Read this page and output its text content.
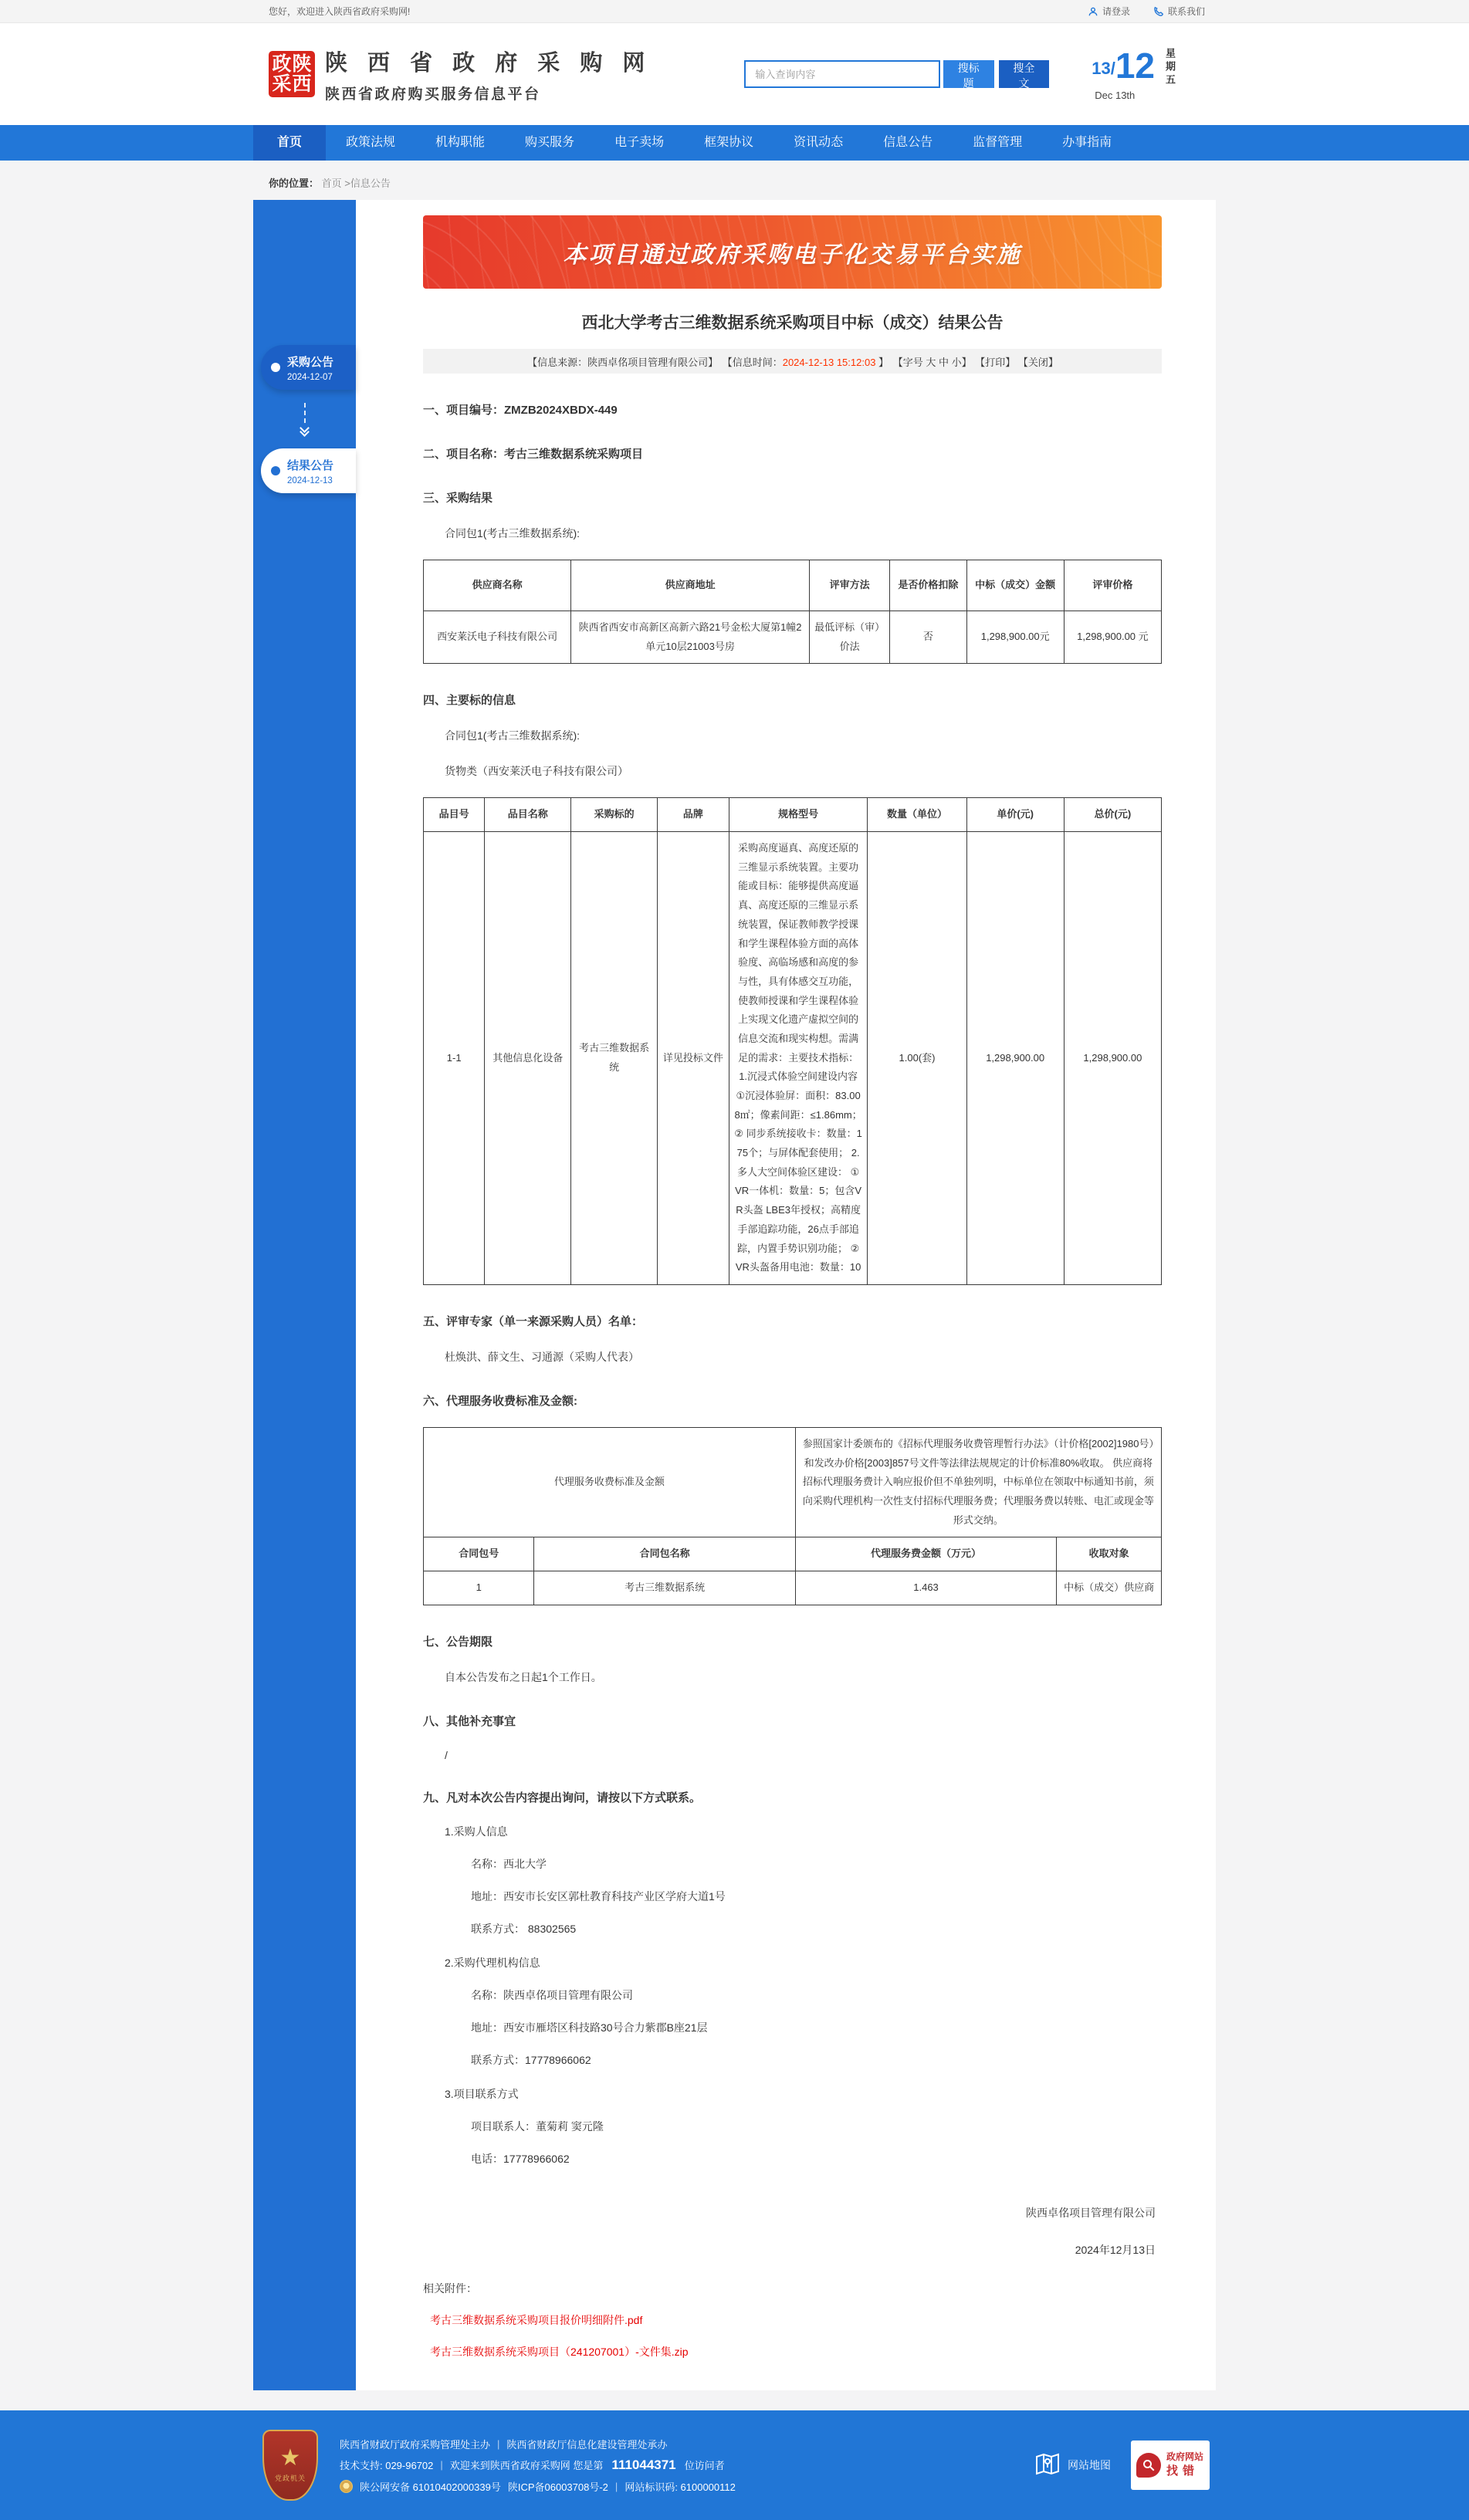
您好，欢迎进入陕西省政府采购网!	请登录	联系我们
政 陕
采 西
陕 西 省 政 府 采 购 网
陕西省政府购买服务信息平台
输入查询内容
搜标题
搜全文
13/ 12 星期五
Dec 13th
首页	政策法规	机构职能	购买服务	电子卖场	框架协议	资讯动态	信息公告	监督管理	办事指南
你的位置： 首页 >信息公告
采购公告
2024-12-07
结果公告
2024-12-13
本项目通过政府采购电子化交易平台实施
西北大学考古三维数据系统采购项目中标（成交）结果公告
【信息来源：陕西卓佲项目管理有限公司】 【信息时间：2024-12-13 15:12:03 】 【字号 大 中 小】 【打印】 【关闭】
一、项目编号：ZMZB2024XBDX-449
二、项目名称：考古三维数据系统采购项目
三、采购结果

合同包1(考古三维数据系统):

供应商名称	供应商地址	评审方法	是否价格扣除	中标（成交）金额	评审价格
西安莱沃电子科技有限公司	陕西省西安市高新区高新六路21号金松大厦第1幢2单元10层21003号房	最低评标（审）价法	否	1,298,900.00元	1,298,900.00 元
四、主要标的信息

合同包1(考古三维数据系统):

货物类（西安莱沃电子科技有限公司）

品目号	品目名称	采购标的	品牌	规格型号	数量（单位）	单价(元)	总价(元)
1-1	其他信息化设备	考古三维数据系统	详见投标文件	采购高度逼真、高度还原的三维显示系统装置。主要功能或目标：能够提供高度逼真、高度还原的三维显示系统装置，保证教师教学授课和学生课程体验方面的高体验度、高临场感和高度的参与性，具有体感交互功能，使教师授课和学生课程体验上实现文化遗产虚拟空间的信息交流和现实构想。需满足的需求：主要技术指标： 1.沉浸式体验空间建设内容 ①沉浸体验屏：面积：83.008㎡；像素间距：≤1.86mm； ② 同步系统接收卡：数量：175个；与屏体配套使用； 2.多人大空间体验区建设： ① VR一体机：数量：5；包含VR头盔 LBE3年授权；高精度手部追踪功能，26点手部追踪，内置手势识别功能； ② VR头盔备用电池：数量：10	1.00(套)	1,298,900.00	1,298,900.00
五、评审专家（单一来源采购人员）名单：

杜焕洪、薛文生、习通源（采购人代表）

六、代理服务收费标准及金额:
代理服务收费标准及金额		参照国家计委颁布的《招标代理服务收费管理暂行办法》（计价格[2002]1980号）和发改办价格[2003]857号文件等法律法规规定的计价标准80%收取。 供应商将招标代理服务费计入响应报价但不单独列明，中标单位在领取中标通知书前，须向采购代理机构一次性支付招标代理服务费；代理服务费以转账、电汇或现金等形式交纳。	
合同包号	合同包名称	代理服务费金额（万元）	收取对象
1	考古三维数据系统	1.463	中标（成交）供应商
七、公告期限

自本公告发布之日起1个工作日。

八、其他补充事宜

/

九、凡对本次公告内容提出询问，请按以下方式联系。

1.采购人信息

名称：西北大学

地址：西安市长安区郭杜教育科技产业区学府大道1号

联系方式： 88302565

2.采购代理机构信息

名称：陕西卓佲项目管理有限公司

地址：西安市雁塔区科技路30号合力紫郡B座21层

联系方式：17778966062

3.项目联系方式

项目联系人：董菊莉 窦元隆

电话：17778966062

陕西卓佲项目管理有限公司

2024年12月13日

相关附件：

考古三维数据系统采购项目报价明细附件.pdf
考古三维数据系统采购项目（241207001）-文件集.zip
★
党政机关

陕西省财政厅政府采购管理处主办 | 陕西省财政厅信息化建设管理处承办

技术支持: 029-96702 | 欢迎来到陕西省政府采购网 您是第 111044371 位访问者

陕公网安备 61010402000339号 陕ICP备06003708号-2 | 网站标识码: 6100000112

网站地图
政府网站
找错
